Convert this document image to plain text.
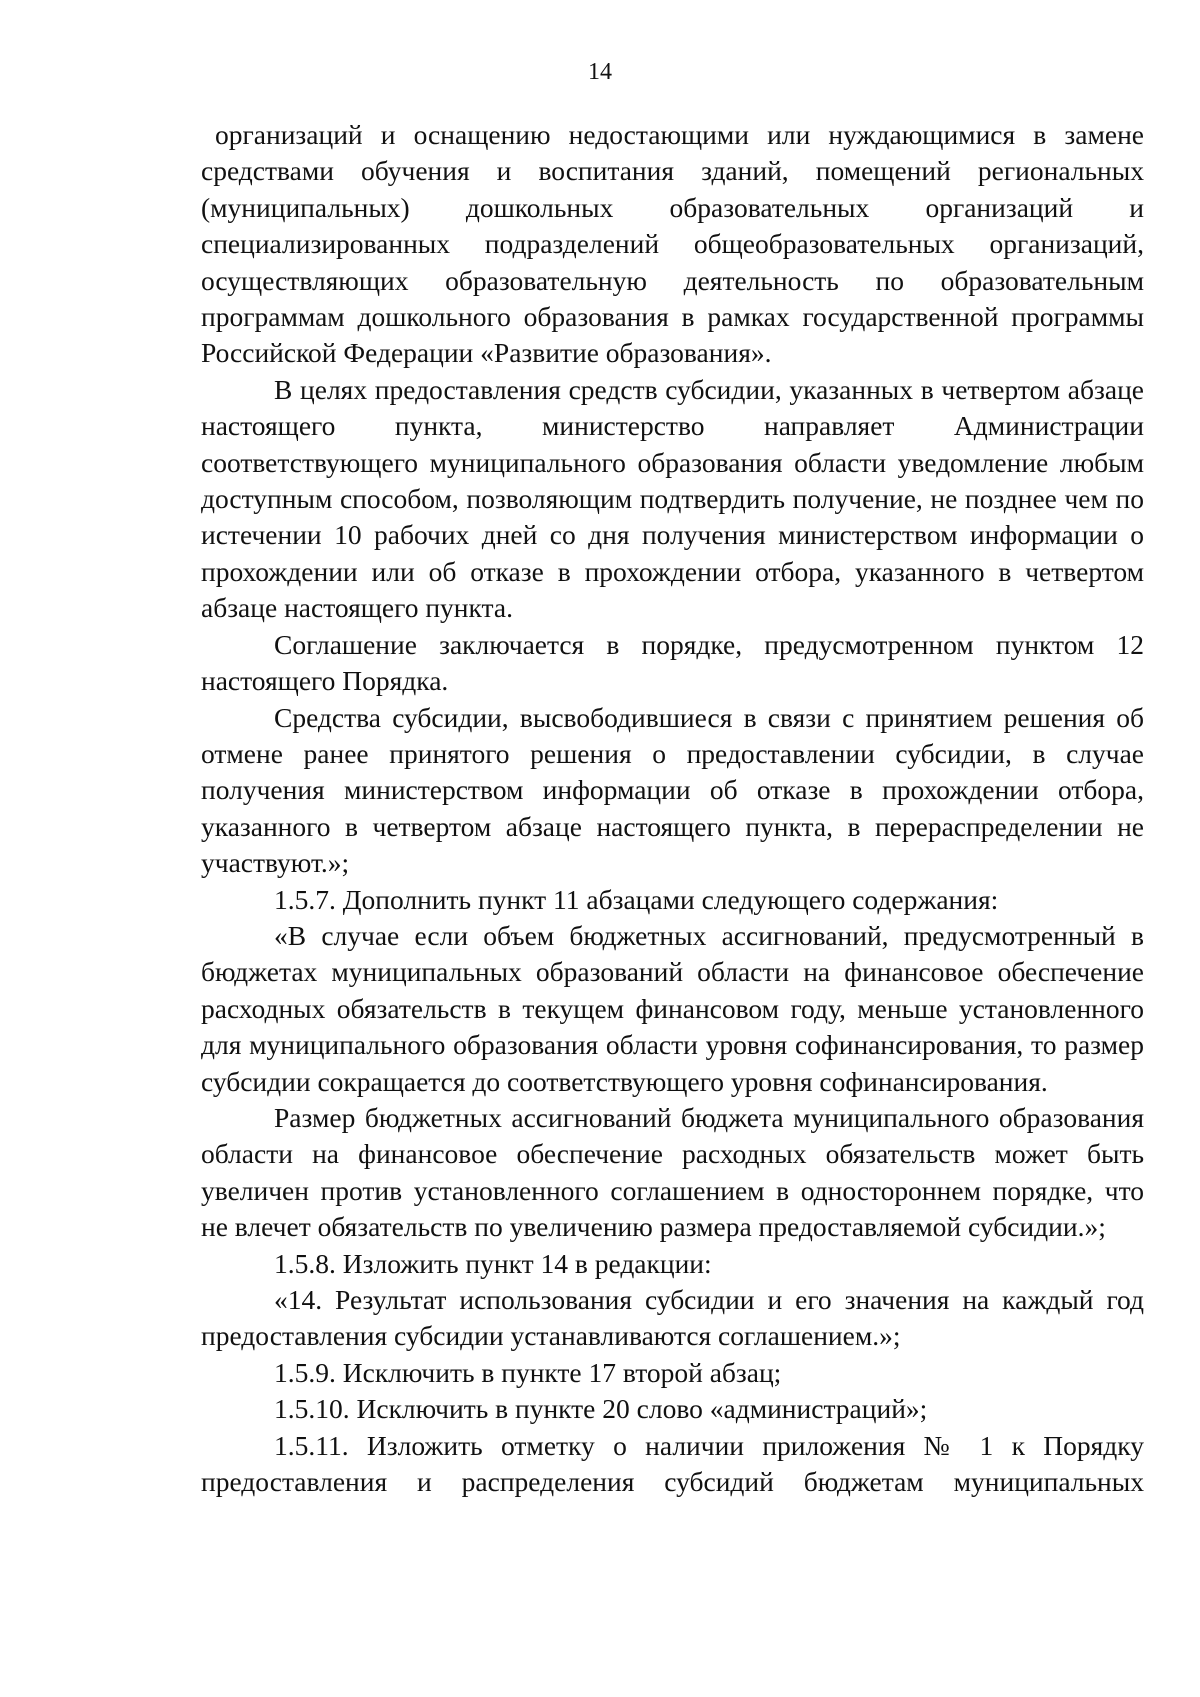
14

организаций и оснащению недостающими или нуждающимися в замене средствами обучения и воспитания зданий, помещений региональных (муниципальных) дошкольных образовательных организаций и специализированных подразделений общеобразовательных организаций, осуществляющих образовательную деятельность по образовательным программам дошкольного образования в рамках государственной программы Российской Федерации «Развитие образования».

В целях предоставления средств субсидии, указанных в четвертом абзаце настоящего пункта, министерство направляет Администрации соответствующего муниципального образования области уведомление любым доступным способом, позволяющим подтвердить получение, не позднее чем по истечении 10 рабочих дней со дня получения министерством информации о прохождении или об отказе в прохождении отбора, указанного в четвертом абзаце настоящего пункта.

Соглашение заключается в порядке, предусмотренном пунктом 12 настоящего Порядка.

Средства субсидии, высвободившиеся в связи с принятием решения об отмене ранее принятого решения о предоставлении субсидии, в случае получения министерством информации об отказе в прохождении отбора, указанного в четвертом абзаце настоящего пункта, в перераспределении не участвуют.»;

1.5.7. Дополнить пункт 11 абзацами следующего содержания:

«В случае если объем бюджетных ассигнований, предусмотренный в бюджетах муниципальных образований области на финансовое обеспечение расходных обязательств в текущем финансовом году, меньше установленного для муниципального образования области уровня софинансирования, то размер субсидии сокращается до соответствующего уровня софинансирования.

Размер бюджетных ассигнований бюджета муниципального образования области на финансовое обеспечение расходных обязательств может быть увеличен против установленного соглашением в одностороннем порядке, что не влечет обязательств по увеличению размера предоставляемой субсидии.»;

1.5.8. Изложить пункт 14 в редакции:

«14. Результат использования субсидии и его значения на каждый год предоставления субсидии устанавливаются соглашением.»;

1.5.9. Исключить в пункте 17 второй абзац;

1.5.10. Исключить в пункте 20 слово «администраций»;

1.5.11. Изложить отметку о наличии приложения № 1 к Порядку предоставления и распределения субсидий бюджетам муниципальных
